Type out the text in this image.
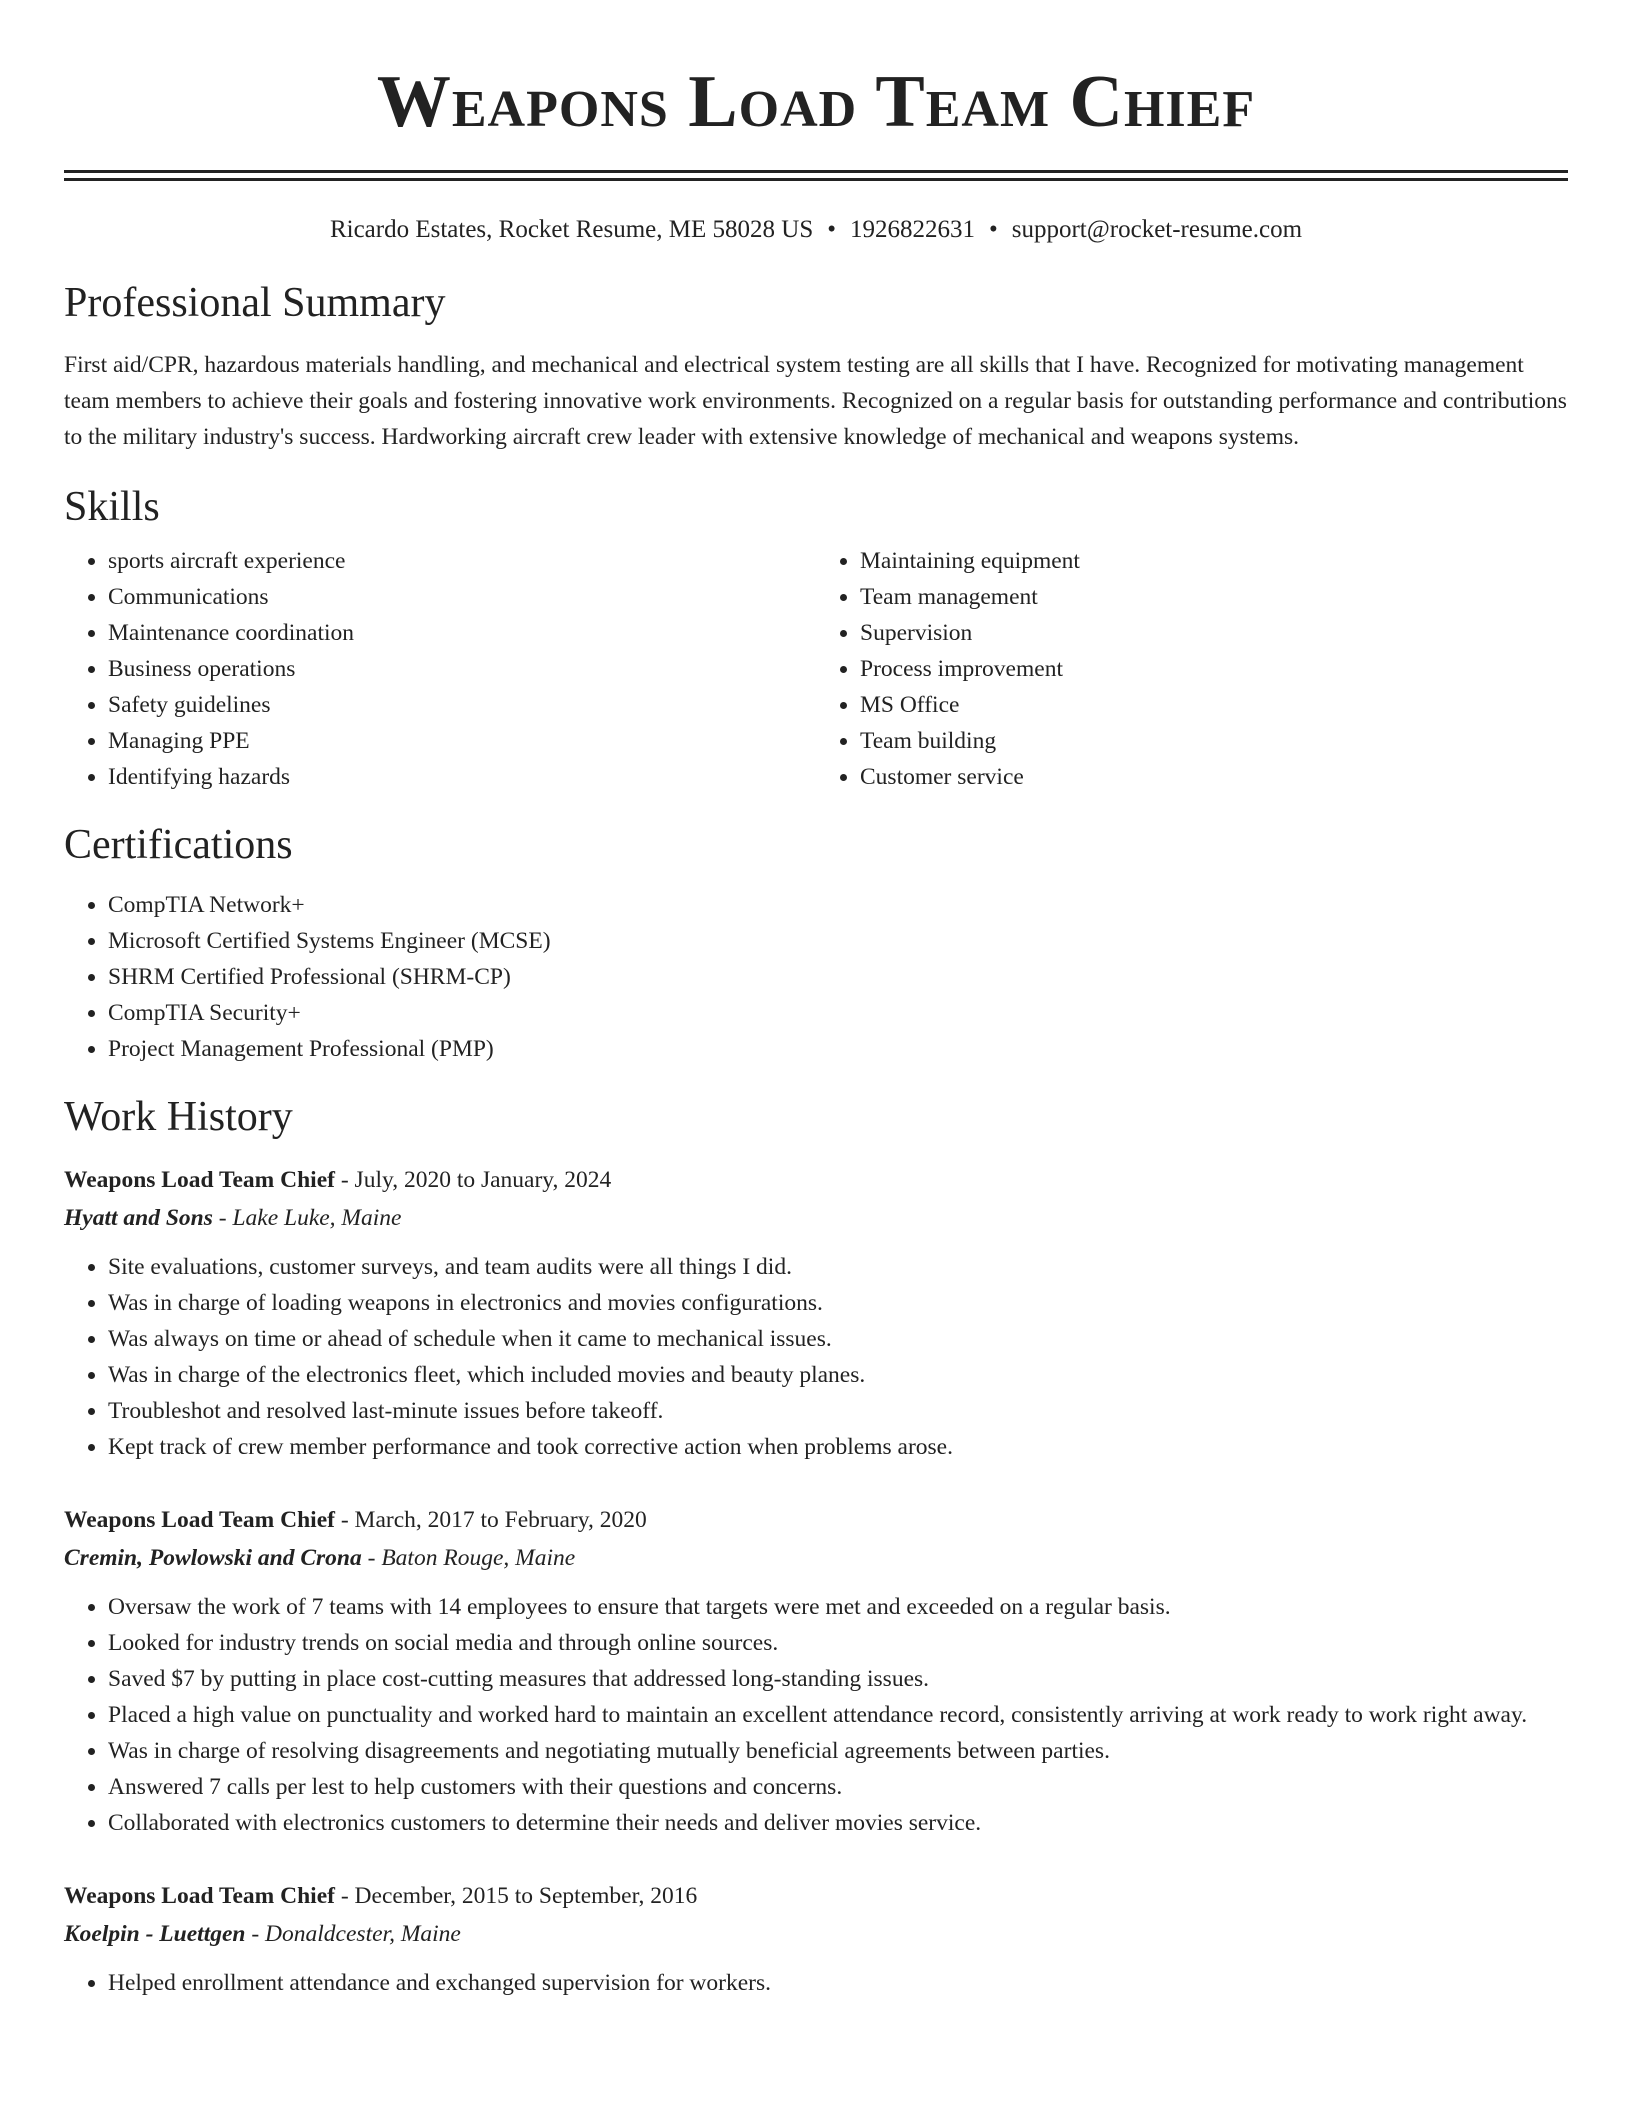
Weapons Load Team Chief
Ricardo Estates, Rocket Resume, ME 58028 US • 1926822631 • support@rocket-resume.com
Professional Summary

First aid/CPR, hazardous materials handling, and mechanical and electrical system testing are all skills that I have. Recognized for motivating management team members to achieve their goals and fostering innovative work environments. Recognized on a regular basis for outstanding performance and contributions to the military industry's success. Hardworking aircraft crew leader with extensive knowledge of mechanical and weapons systems.

Skills
• sports aircraft experience
• Communications
• Maintenance coordination
• Business operations
• Safety guidelines
• Managing PPE
• Identifying hazards
• Maintaining equipment
• Team management
• Supervision
• Process improvement
• MS Office
• Team building
• Customer service
Certifications
• CompTIA Network+
• Microsoft Certified Systems Engineer (MCSE)
• SHRM Certified Professional (SHRM-CP)
• CompTIA Security+
• Project Management Professional (PMP)
Work History
Weapons Load Team Chief - July, 2020 to January, 2024
Hyatt and Sons - Lake Luke, Maine
• Site evaluations, customer surveys, and team audits were all things I did.
• Was in charge of loading weapons in electronics and movies configurations.
• Was always on time or ahead of schedule when it came to mechanical issues.
• Was in charge of the electronics fleet, which included movies and beauty planes.
• Troubleshot and resolved last-minute issues before takeoff.
• Kept track of crew member performance and took corrective action when problems arose.
Weapons Load Team Chief - March, 2017 to February, 2020
Cremin, Powlowski and Crona - Baton Rouge, Maine
• Oversaw the work of 7 teams with 14 employees to ensure that targets were met and exceeded on a regular basis.
• Looked for industry trends on social media and through online sources.
• Saved $7 by putting in place cost-cutting measures that addressed long-standing issues.
• Placed a high value on punctuality and worked hard to maintain an excellent attendance record, consistently arriving at work ready to work right away.
• Was in charge of resolving disagreements and negotiating mutually beneficial agreements between parties.
• Answered 7 calls per lest to help customers with their questions and concerns.
• Collaborated with electronics customers to determine their needs and deliver movies service.
Weapons Load Team Chief - December, 2015 to September, 2016
Koelpin - Luettgen - Donaldcester, Maine
• Helped enrollment attendance and exchanged supervision for workers.
